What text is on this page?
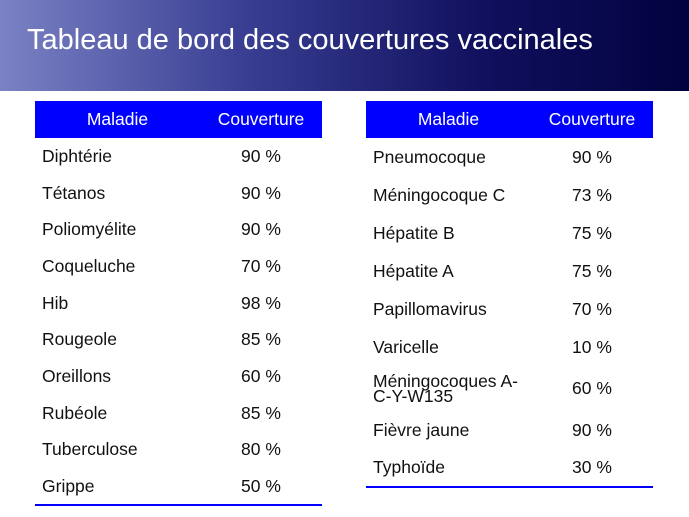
Tableau de bord des couvertures vaccinales
Maladie	Couverture
Diphtérie	90 %
Tétanos	90 %
Poliomyélite	90 %
Coqueluche	70 %
Hib	98 %
Rougeole	85 %
Oreillons	60 %
Rubéole	85 %
Tuberculose	80 %
Grippe	50 %
Maladie	Couverture
Pneumocoque	90 %
Méningocoque C	73 %
Hépatite B	75 %
Hépatite A	75 %
Papillomavirus	70 %
Varicelle	10 %
Méningocoques A-C-Y-W135	60 %
Fièvre jaune	90 %
Typhoïde	30 %
